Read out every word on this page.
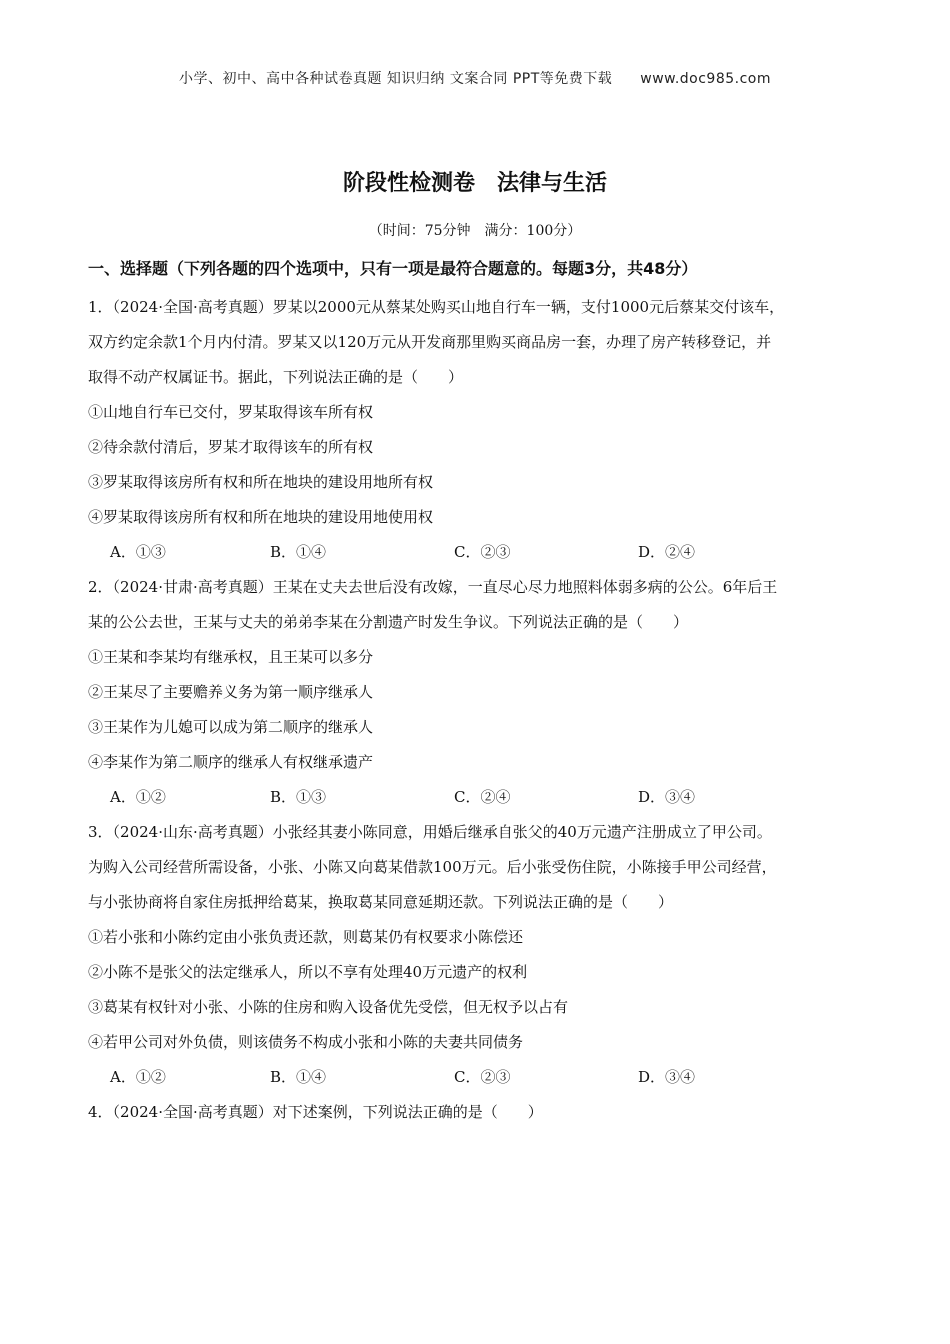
小学、初中、高中各种试卷真题 知识归纳 文案合同 PPT等免费下载 www.doc985.com
阶段性检测卷　法律与生活
（时间：75分钟　满分：100分）
一、选择题（下列各题的四个选项中，只有一项是最符合题意的。每题3分，共48分）
1．（2024·全国·高考真题）罗某以2000元从蔡某处购买山地自行车一辆，支付1000元后蔡某交付该车，
双方约定余款1个月内付清。罗某又以120万元从开发商那里购买商品房一套，办理了房产转移登记，并
取得不动产权属证书。据此，下列说法正确的是（　　）
①山地自行车已交付，罗某取得该车所有权
②待余款付清后，罗某才取得该车的所有权
③罗某取得该房所有权和所在地块的建设用地所有权
④罗某取得该房所有权和所在地块的建设用地使用权
A．①③	B．①④	C．②③	D．②④
2．（2024·甘肃·高考真题）王某在丈夫去世后没有改嫁，一直尽心尽力地照料体弱多病的公公。6年后王
某的公公去世，王某与丈夫的弟弟李某在分割遗产时发生争议。下列说法正确的是（　　）
①王某和李某均有继承权，且王某可以多分
②王某尽了主要赡养义务为第一顺序继承人
③王某作为儿媳可以成为第二顺序的继承人
④李某作为第二顺序的继承人有权继承遗产
A．①②	B．①③	C．②④	D．③④
3．（2024·山东·高考真题）小张经其妻小陈同意，用婚后继承自张父的40万元遗产注册成立了甲公司。
为购入公司经营所需设备，小张、小陈又向葛某借款100万元。后小张受伤住院，小陈接手甲公司经营，
与小张协商将自家住房抵押给葛某，换取葛某同意延期还款。下列说法正确的是（　　）
①若小张和小陈约定由小张负责还款，则葛某仍有权要求小陈偿还
②小陈不是张父的法定继承人，所以不享有处理40万元遗产的权利
③葛某有权针对小张、小陈的住房和购入设备优先受偿，但无权予以占有
④若甲公司对外负债，则该债务不构成小张和小陈的夫妻共同债务
A．①②	B．①④	C．②③	D．③④
4．（2024·全国·高考真题）对下述案例，下列说法正确的是（　　）
